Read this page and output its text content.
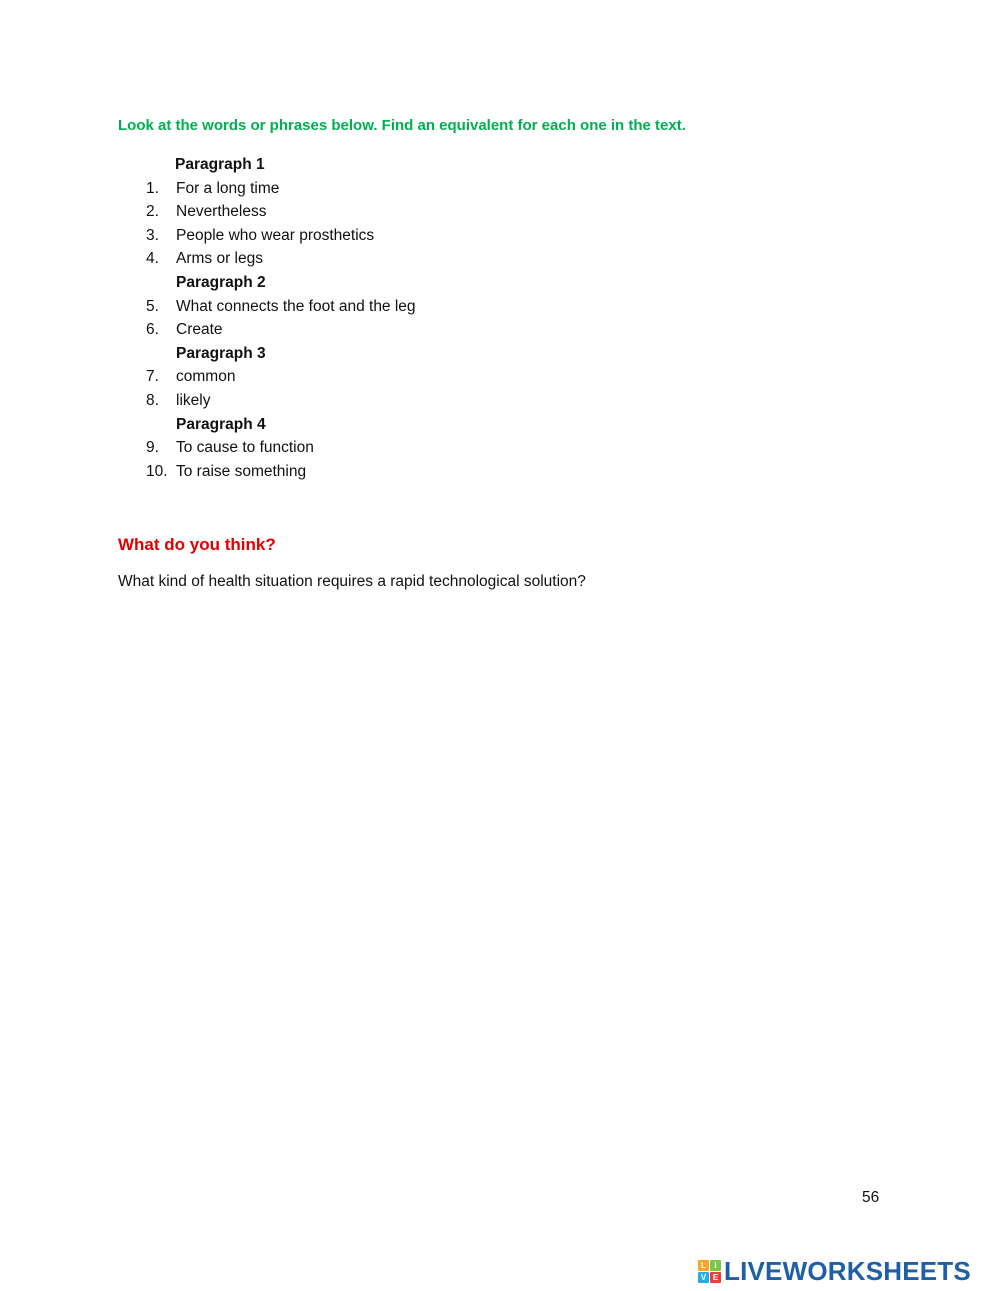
Look at the words or phrases below. Find an equivalent for each one in the text.
Paragraph 1
1.	For a long time
2.	Nevertheless
3.	People who wear prosthetics
4.	Arms or legs
Paragraph 2
5.	What connects the foot and the leg
6.	Create
Paragraph 3
7.	common
8.	likely
Paragraph 4
9.	To cause to function
10. To raise something
What do you think?
What kind of health situation requires a rapid technological solution?
56
L	I
V E LIVEWORKSHEETS
